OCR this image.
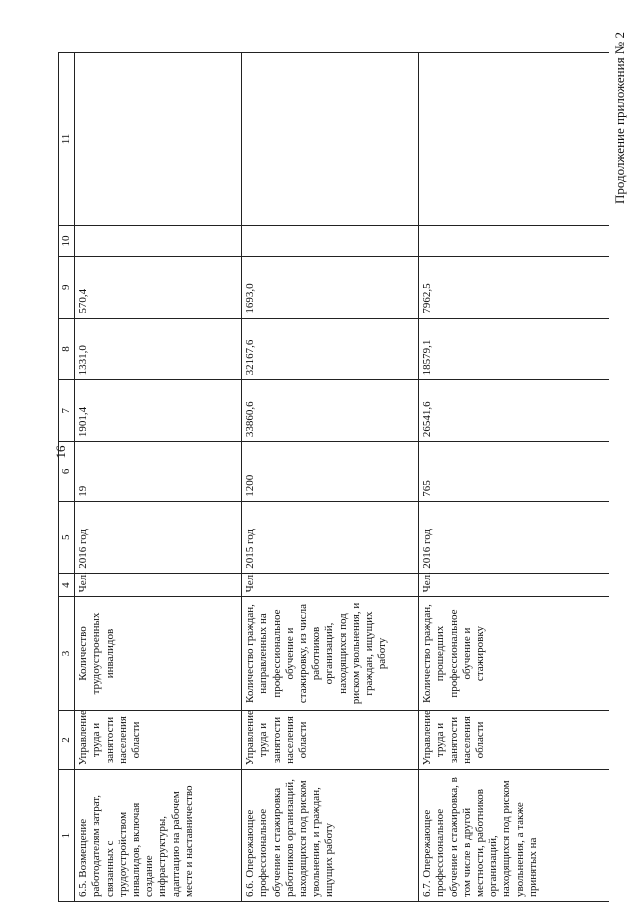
16
Продолжение приложения № 2
1	2	3	4	5	6	7	8	9	10	11
6.5. Возмещение работодателям затрат, связанных с трудоустройством инвалидов, включая создание инфраструктуры, адаптацию на рабочем месте и наставничество	Управление труда и занятости населения области	Количество трудоустроенных инвалидов	Чел.	2016 год	19	1901,4	1331,0	570,4		
6.6. Опережающее профессиональное обучение и стажировка работников организаций, находящихся под риском увольнения, и граждан, ищущих работу	Управление труда и занятости населения области	Количество граждан, направленных на профессиональное обучение и стажировку, из числа работников организаций, находящихся под риском увольнения, и граждан, ищущих работу	Чел.	2015 год	1200	33860,6	32167,6	1693,0		
6.7. Опережающее профессиональное обучение и стажировка, в том числе в другой местности, работников организаций, находящихся под риском увольнения, а также принятых на	Управление труда и занятости населения области	Количество граждан, прошедших профессиональное обучение и стажировку	Чел.	2016 год	765	26541,6	18579,1	7962,5		
